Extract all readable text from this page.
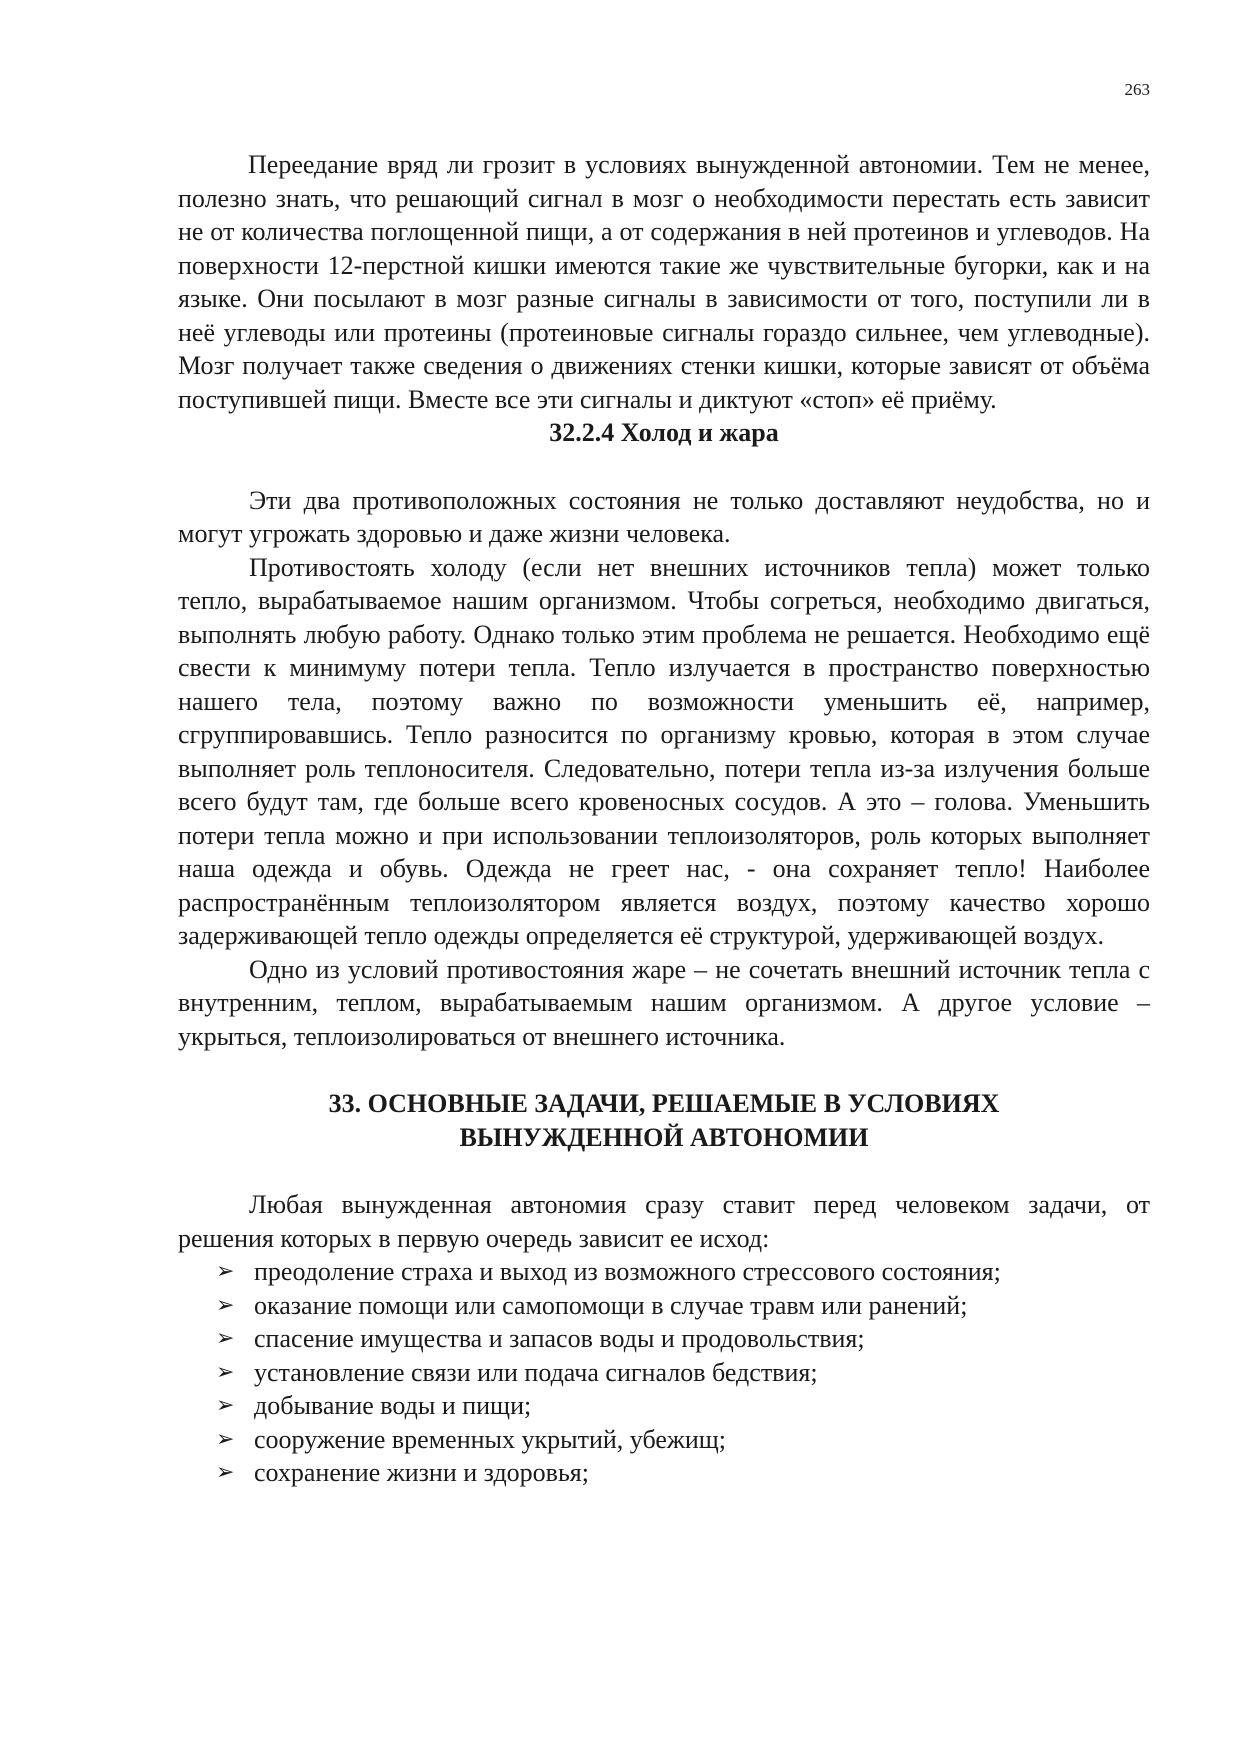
263

Переедание вряд ли грозит в условиях вынужденной автономии. Тем не менее, полезно знать, что решающий сигнал в мозг о необходимости перестать есть зависит не от количества поглощенной пищи, а от содержания в ней протеинов и углеводов. На поверхности 12-перстной кишки имеются такие же чувствительные бугорки, как и на языке. Они посылают в мозг разные сигналы в зависимости от того, поступили ли в неё углеводы или протеины (протеиновые сигналы гораздо сильнее, чем углеводные). Мозг получает также сведения о движениях стенки кишки, которые зависят от объёма поступившей пищи. Вместе все эти сигналы и диктуют «стоп» её приёму.

32.2.4 Холод и жара

Эти два противоположных состояния не только доставляют неудобства, но и могут угрожать здоровью и даже жизни человека.

Противостоять холоду (если нет внешних источников тепла) может только тепло, вырабатываемое нашим организмом. Чтобы согреться, необходимо двигаться, выполнять любую работу. Однако только этим проблема не решается. Необходимо ещё свести к минимуму потери тепла. Тепло излучается в пространство поверхностью нашего тела, поэтому важно по возможности уменьшить её, например, сгруппировавшись. Тепло разносится по организму кровью, которая в этом случае выполняет роль теплоносителя. Следовательно, потери тепла из-за излучения больше всего будут там, где больше всего кровеносных сосудов. А это – голова. Уменьшить потери тепла можно и при использовании теплоизоляторов, роль которых выполняет наша одежда и обувь. Одежда не греет нас, - она сохраняет тепло! Наиболее распространённым теплоизолятором является воздух, поэтому качество хорошо задерживающей тепло одежды определяется её структурой, удерживающей воздух.

Одно из условий противостояния жаре – не сочетать внешний источник тепла с внутренним, теплом, вырабатываемым нашим организмом. А другое условие – укрыться, теплоизолироваться от внешнего источника.

33. ОСНОВНЫЕ ЗАДАЧИ, РЕШАЕМЫЕ В УСЛОВИЯХ
ВЫНУЖДЕННОЙ АВТОНОМИИ

Любая вынужденная автономия сразу ставит перед человеком задачи, от решения которых в первую очередь зависит ее исход:

➢ преодоление страха и выход из возможного стрессового состояния;
➢ оказание помощи или самопомощи в случае травм или ранений;
➢ спасение имущества и запасов воды и продовольствия;
➢ установление связи или подача сигналов бедствия;
➢ добывание воды и пищи;
➢ сооружение временных укрытий, убежищ;
➢ сохранение жизни и здоровья;
